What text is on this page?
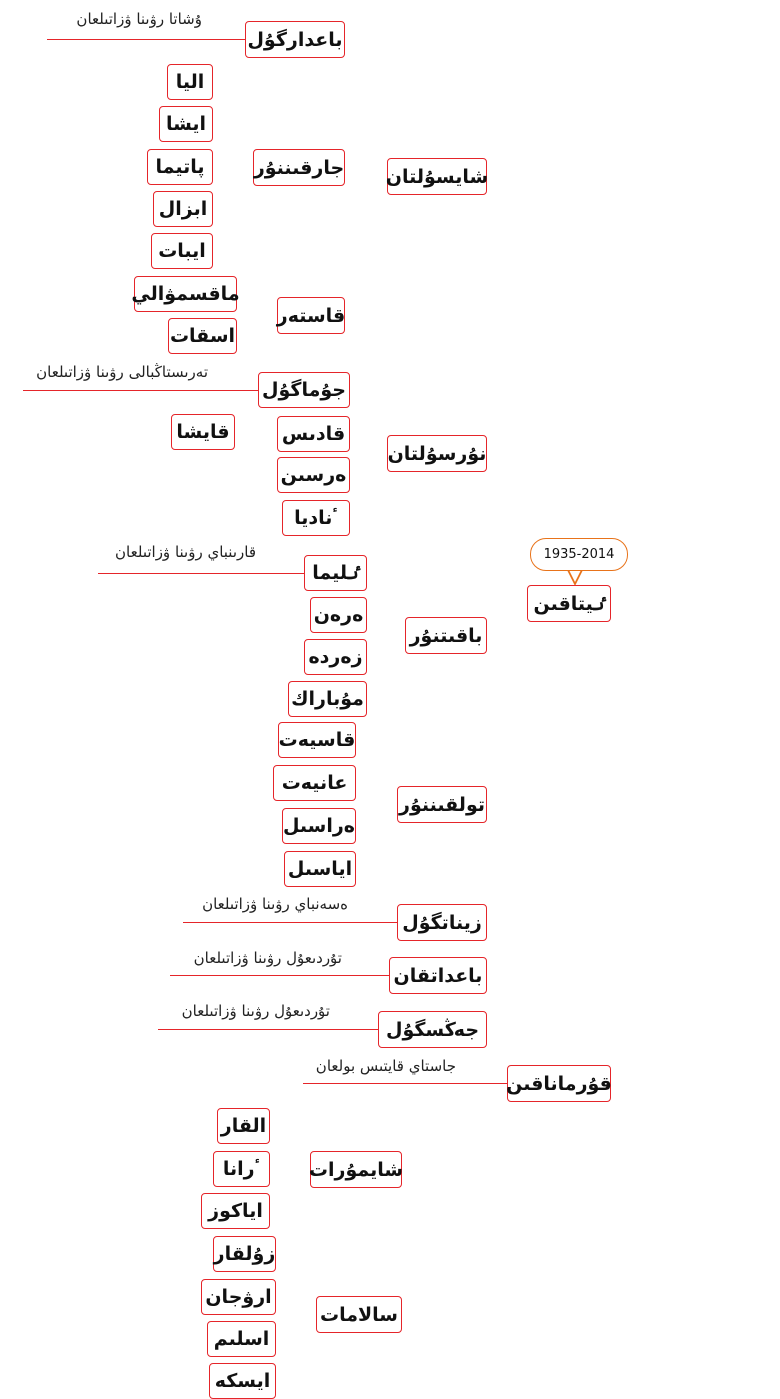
1935-2014
ٸيتاقىن
شايسۇلتان
نۇرسۇلتان
باقىتنۇر
تولقىننۇر
زيناتگۇل
باعداتقان
جەڭسگۇل
قۇرماناقىن
شايمۇرات
سالامات
باعدارگۇل
جارقىننۇر
قاستەر
اليا
ايشا
پاتيما
ابزال
ايبات
ماقسمۋالي
اسقات
جۇماگۇل
قادىس
ەرسىن
ٴناديا
قايشا
ٸليما
ەرەن
زەردە
مۇباراك
قاسيەت
عانيەت
ەراسىل
اياسىل
القار
ٴرانا
اياكوز
زۇلقار
ارۋجان
اسلىم
ايسكە
ۇشاتا رۋىنا ۋزاتىلعان
تەرىستاڭبالى رۋىنا ۋزاتىلعان
قارىنباي رۋىنا ۋزاتىلعان
ەسەنباي رۋىنا ۋزاتىلعان
تۇردىعۇل رۋىنا ۋزاتىلعان
تۇردىعۇل رۋىنا ۋزاتىلعان
جاستاي قايتىس بولعان
